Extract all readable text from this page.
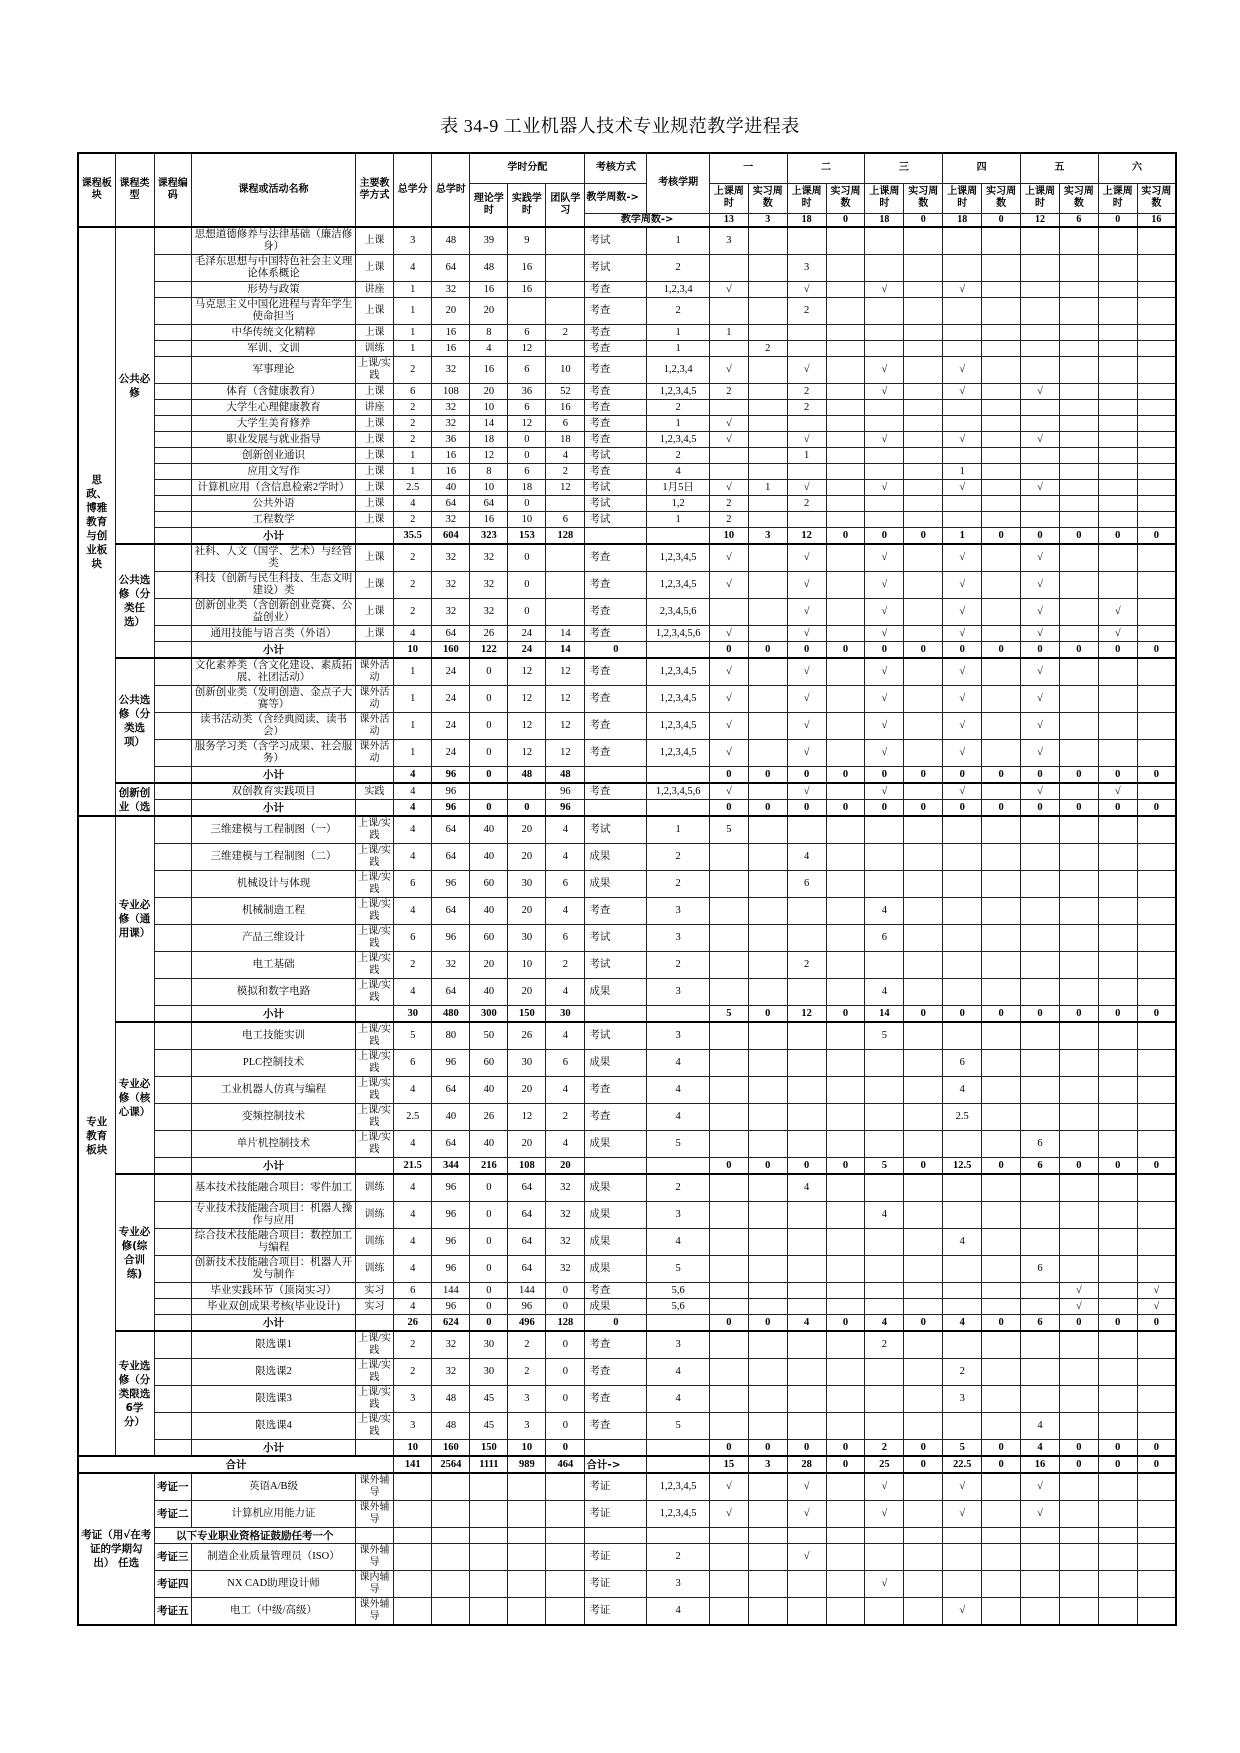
表 34-9 工业机器人技术专业规范教学进程表
课程板块	课程类型	课程编码	课程或活动名称	主要教学方式	总学分	总学时	学时分配			考核方式	考核学期	一		二		三		四		五		六	
							理论学时	实践学时	团队学习	教学周数->		上课周时	实习周数	上课周时	实习周数	上课周时	实习周数	上课周时	实习周数	上课周时	实习周数	上课周时	实习周数
										教学周数->		13	3	18	0	18	0	18	0	12	6	0	16
思政、博雅教育与创业板块	公共必修		思想道德修养与法律基础（廉洁修身）	上课	3	48	39	9		考试	1	3											
			毛泽东思想与中国特色社会主义理论体系概论	上课	4	64	48	16		考试	2			3									
			形势与政策	讲座	1	32	16	16		考查	1,2,3,4	√		√		√		√					
			马克思主义中国化进程与青年学生使命担当	上课	1	20	20			考查	2			2									
			中华传统文化精粹	上课	1	16	8	6	2	考查	1	1											
			军训、文训	训练	1	16	4	12		考查	1		2										
			军事理论	上课/实践	2	32	16	6	10	考查	1,2,3,4	√		√		√		√					
			体育（含健康教育）	上课	6	108	20	36	52	考查	1,2,3,4,5	2		2		√		√		√			
			大学生心理健康教育	讲座	2	32	10	6	16	考查	2			2									
			大学生美育修养	上课	2	32	14	12	6	考查	1	√											
			职业发展与就业指导	上课	2	36	18	0	18	考查	1,2,3,4,5	√		√		√		√		√			
			创新创业通识	上课	1	16	12	0	4	考试	2			1									
			应用文写作	上课	1	16	8	6	2	考查	4							1					
			计算机应用（含信息检索2学时）	上课	2.5	40	10	18	12	考试	1月5日	√	1	√		√		√		√			
			公共外语	上课	4	64	64	0		考试	1,2	2		2									
			工程数学	上课	2	32	16	10	6	考试	1	2											
			小计		35.5	604	323	153	128			10	3	12	0	0	0	1	0	0	0	0	0
	公共选修（分类任选）		社科、人文（国学、艺术）与经管类	上课	2	32	32	0		考查	1,2,3,4,5	√		√		√		√		√			
			科技（创新与民生科技、生态文明建设）类	上课	2	32	32	0		考查	1,2,3,4,5	√		√		√		√		√			
			创新创业类（含创新创业竞赛、公益创业）	上课	2	32	32	0		考查	2,3,4,5,6			√		√		√		√		√	
			通用技能与语言类（外语）	上课	4	64	26	24	14	考查	1,2,3,4,5,6	√		√		√		√		√		√	
			小计		10	160	122	24	14	0		0	0	0	0	0	0	0	0	0	0	0	0
	公共选修（分类选项）		文化素养类（含文化建设、素质拓展、社团活动）	课外活动	1	24	0	12	12	考查	1,2,3,4,5	√		√		√		√		√			
			创新创业类（发明创造、金点子大赛等）	课外活动	1	24	0	12	12	考查	1,2,3,4,5	√		√		√		√		√			
			读书活动类（含经典阅读、读书会）	课外活动	1	24	0	12	12	考查	1,2,3,4,5	√		√		√		√		√			
			服务学习类（含学习成果、社会服务）	课外活动	1	24	0	12	12	考查	1,2,3,4,5	√		√		√		√		√			
			小计		4	96	0	48	48			0	0	0	0	0	0	0	0	0	0	0	0
	创新创业（选		双创教育实践项目	实践	4	96			96	考查	1,2,3,4,5,6	√		√		√		√		√		√	
			小计		4	96	0	0	96			0	0	0	0	0	0	0	0	0	0	0	0
专业教育板块	专业必修（通用课）		三维建模与工程制图（一）	上课/实践	4	64	40	20	4	考试	1	5											
			三维建模与工程制图（二）	上课/实践	4	64	40	20	4	成果	2			4									
			机械设计与体现	上课/实践	6	96	60	30	6	成果	2			6									
			机械制造工程	上课/实践	4	64	40	20	4	考查	3					4							
			产品三维设计	上课/实践	6	96	60	30	6	考试	3					6							
			电工基础	上课/实践	2	32	20	10	2	考试	2			2									
			模拟和数字电路	上课/实践	4	64	40	20	4	成果	3					4							
			小计		30	480	300	150	30			5	0	12	0	14	0	0	0	0	0	0	0
	专业必修（核心课）		电工技能实训	上课/实践	5	80	50	26	4	考试	3					5							
			PLC控制技术	上课/实践	6	96	60	30	6	成果	4							6					
			工业机器人仿真与编程	上课/实践	4	64	40	20	4	考查	4							4					
			变频控制技术	上课/实践	2.5	40	26	12	2	考查	4							2.5					
			单片机控制技术	上课/实践	4	64	40	20	4	成果	5									6			
			小计		21.5	344	216	108	20			0	0	0	0	5	0	12.5	0	6	0	0	0
	专业必修(综合训练)		基本技术技能融合项目：零件加工	训练	4	96	0	64	32	成果	2			4									
			专业技术技能融合项目：机器人操作与应用	训练	4	96	0	64	32	成果	3					4							
			综合技术技能融合项目：数控加工与编程	训练	4	96	0	64	32	成果	4							4					
			创新技术技能融合项目：机器人开发与制作	训练	4	96	0	64	32	成果	5									6			
			毕业实践环节（顶岗实习）	实习	6	144	0	144	0	考查	5,6										√		√
			毕业双创成果考核(毕业设计)	实习	4	96	0	96	0	成果	5,6										√		√
			小计		26	624	0	496	128	0		0	0	4	0	4	0	4	0	6	0	0	0
	专业选修（分类限选6学分）		限选课1	上课/实践	2	32	30	2	0	考查	3					2							
			限选课2	上课/实践	2	32	30	2	0	考查	4							2					
			限选课3	上课/实践	3	48	45	3	0	考查	4							3					
			限选课4	上课/实践	3	48	45	3	0	考查	5									4			
			小计		10	160	150	10	0			0	0	0	0	2	0	5	0	4	0	0	0
合计					141	2564	1111	989	464	合计->		15	3	28	0	25	0	22.5	0	16	0	0	0
考证（用√在考证的学期勾出） 任选		考证一	英语A/B级	课外辅导						考证	1,2,3,4,5	√		√		√		√		√			
		考证二	计算机应用能力证	课外辅导						考证	1,2,3,4,5	√		√		√		√		√			
		以下专业职业资格证鼓励任考一个																					
		考证三	制造企业质量管理员（ISO）	课外辅导						考证	2			√									
		考证四	NX CAD助理设计师	课内辅导						考证	3					√							
		考证五	电工（中级/高级）	课外辅导						考证	4							√					
